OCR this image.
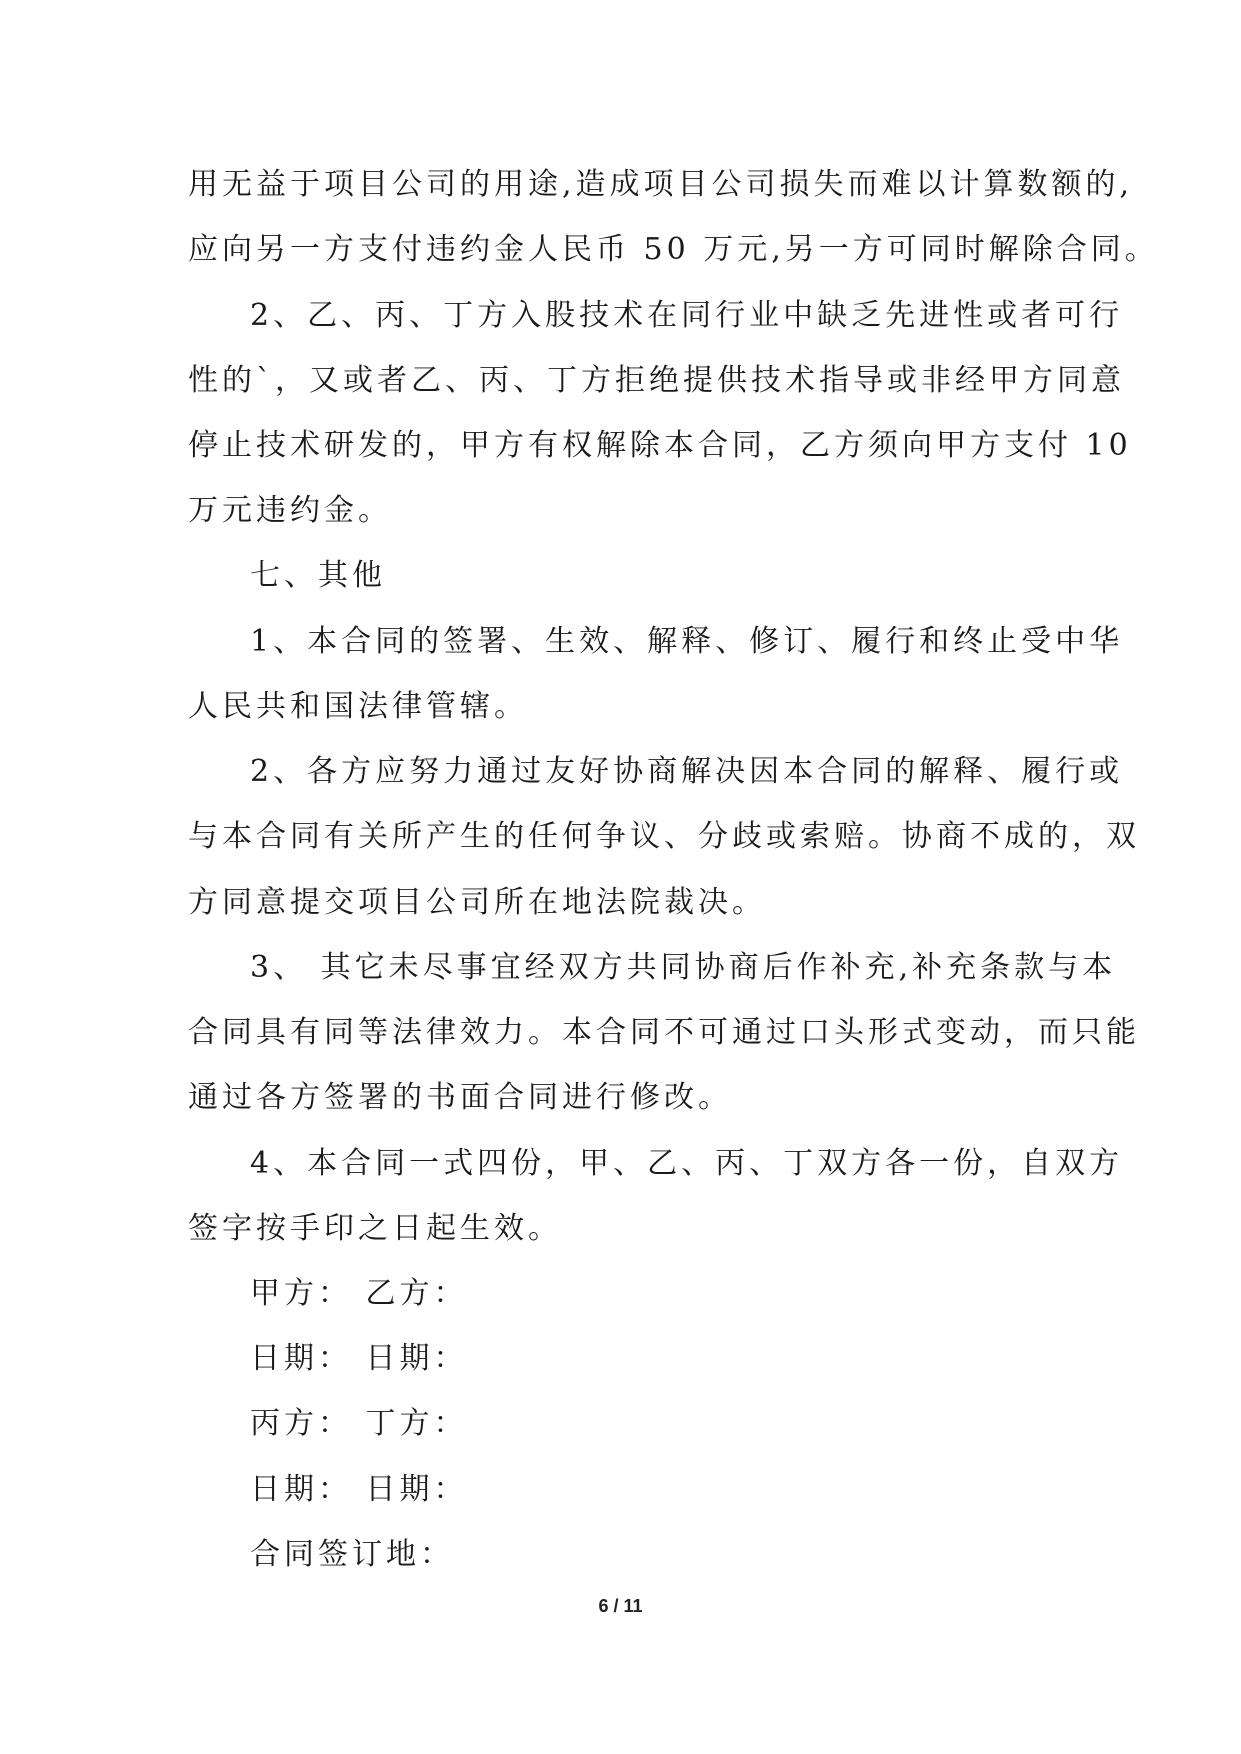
用无益于项目公司的用途,造成项目公司损失而难以计算数额的,
应向另一方支付违约金人民币 50 万元,另一方可同时解除合同。
2、乙、丙、丁方入股技术在同行业中缺乏先进性或者可行
性的`，又或者乙、丙、丁方拒绝提供技术指导或非经甲方同意
停止技术研发的，甲方有权解除本合同，乙方须向甲方支付 10
万元违约金。
七、其他
1、本合同的签署、生效、解释、修订、履行和终止受中华
人民共和国法律管辖。
2、各方应努力通过友好协商解决因本合同的解释、履行或
与本合同有关所产生的任何争议、分歧或索赔。协商不成的，双
方同意提交项目公司所在地法院裁决。
3、 其它未尽事宜经双方共同协商后作补充,补充条款与本
合同具有同等法律效力。本合同不可通过口头形式变动，而只能
通过各方签署的书面合同进行修改。
4、本合同一式四份，甲、乙、丙、丁双方各一份，自双方
签字按手印之日起生效。
甲方： 乙方：
日期： 日期：
丙方： 丁方：
日期： 日期：
合同签订地：
6 / 11
